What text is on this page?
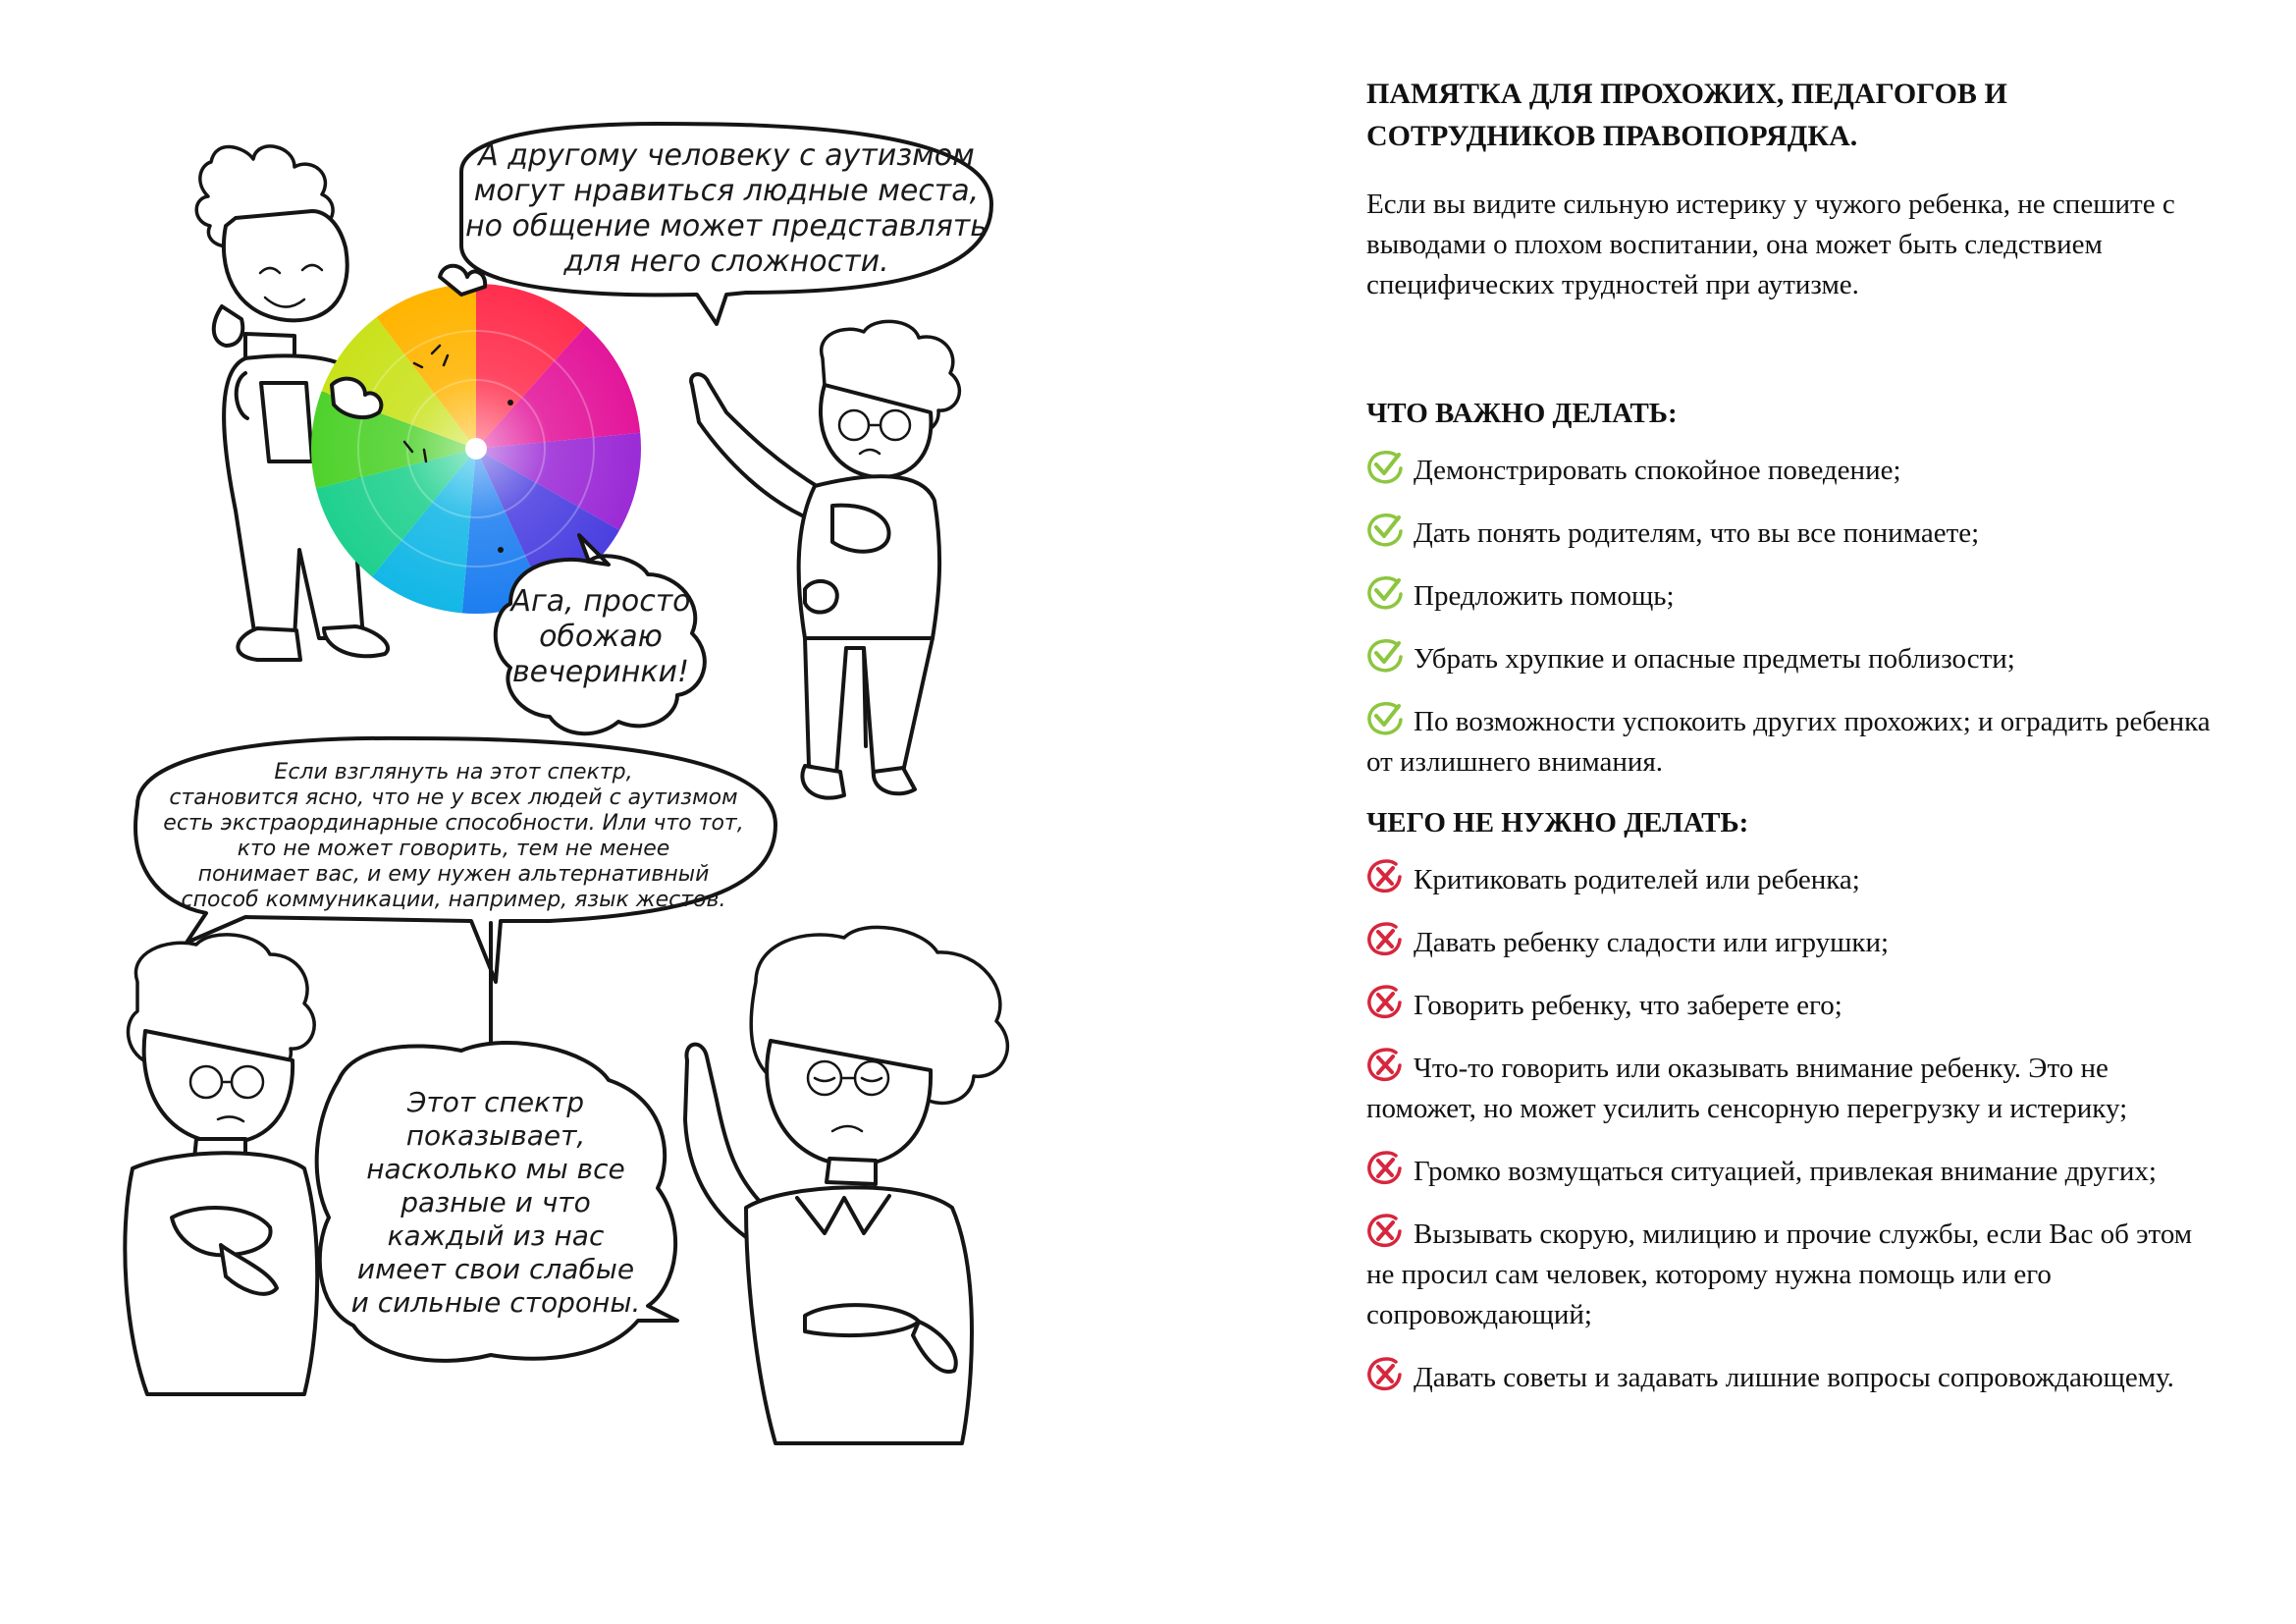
А другому человеку с аутизмом
могут нравиться людные места,
но общение может представлять
для него сложности.
Ага, просто
обожаю
вечеринки!
Если взглянуть на этот спектр,
становится ясно, что не у всех людей с аутизмом
есть экстраординарные способности. Или что тот,
кто не может говорить, тем не менее
понимает вас, и ему нужен альтернативный
способ коммуникации, например, язык жестов.
Этот спектр
показывает,
насколько мы все
разные и что
каждый из нас
имеет свои слабые
и сильные стороны.
ПАМЯТКА ДЛЯ ПРОХОЖИХ, ПЕДАГОГОВ И СОТРУДНИКОВ ПРАВОПОРЯДКА.

Если вы видите сильную истерику у чужого ребенка, не спешите с выводами о плохом воспитании, она может быть следствием специфических трудностей при аутизме.

ЧТО ВАЖНО ДЕЛАТЬ:
Демонстрировать спокойное поведение;
Дать понять родителям, что вы все понимаете;
Предложить помощь;
Убрать хрупкие и опасные предметы поблизости;
По возможности успокоить других прохожих; и оградить ребенка от излишнего внимания.
ЧЕГО НЕ НУЖНО ДЕЛАТЬ:
Критиковать родителей или ребенка;
Давать ребенку сладости или игрушки;
Говорить ребенку, что заберете его;
Что-то говорить или оказывать внимание ребенку. Это не поможет, но может усилить сенсорную перегрузку и истерику;
Громко возмущаться ситуацией, привлекая внимание других;
Вызывать скорую, милицию и прочие службы, если Вас об этом не просил сам человек, которому нужна помощь или его сопровождающий;
Давать советы и задавать лишние вопросы сопровождающему.
